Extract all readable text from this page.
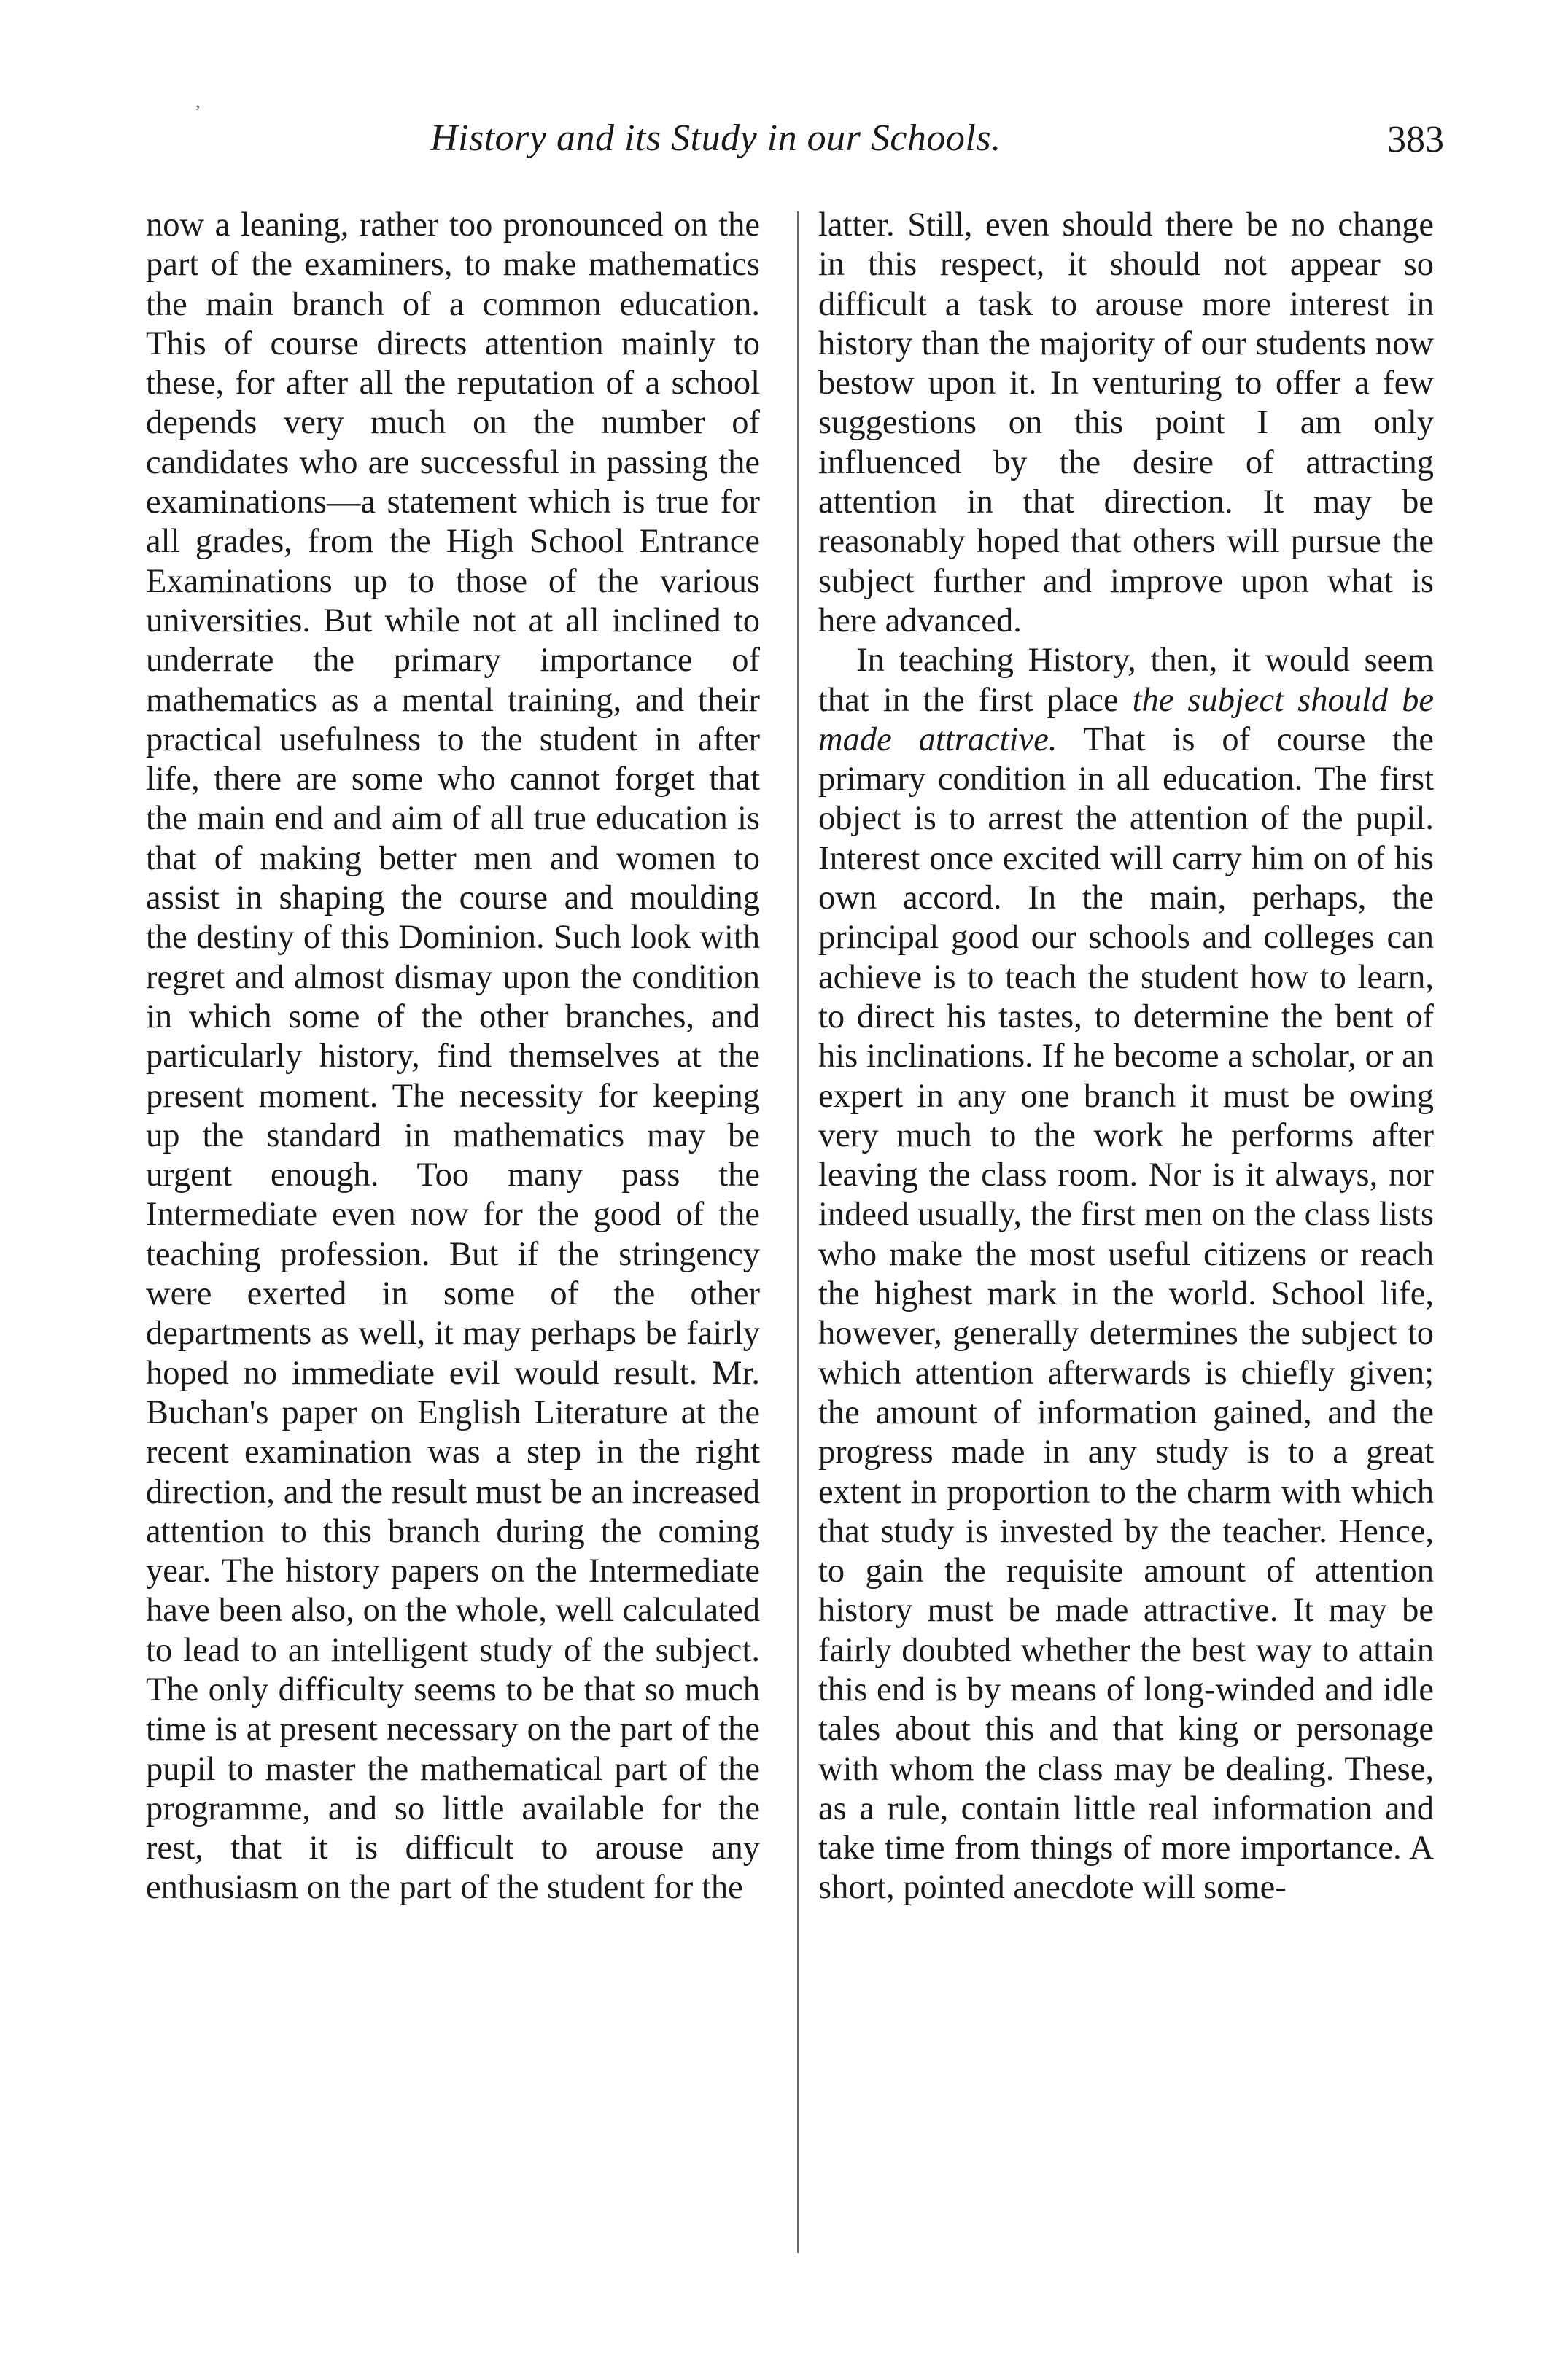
,
History and its Study in our Schools.	383

now a leaning, rather too pronounced on the part of the examiners, to make mathematics the main branch of a common education. This of course directs attention mainly to these, for after all the reputation of a school depends very much on the number of candidates who are successful in passing the examinations—a statement which is true for all grades, from the High School Entrance Examinations up to those of the various universities. But while not at all inclined to underrate the primary importance of mathematics as a mental training, and their practical usefulness to the student in after life, there are some who cannot forget that the main end and aim of all true education is that of making better men and women to assist in shaping the course and moulding the destiny of this Dominion. Such look with regret and almost dismay upon the condition in which some of the other branches, and particularly history, find themselves at the present moment. The necessity for keeping up the standard in mathematics may be urgent enough. Too many pass the Intermediate even now for the good of the teaching profession. But if the stringency were exerted in some of the other departments as well, it may perhaps be fairly hoped no immediate evil would result. Mr. Buchan's paper on English Literature at the recent examination was a step in the right direction, and the result must be an increased attention to this branch during the coming year. The history papers on the Intermediate have been also, on the whole, well calculated to lead to an intelligent study of the subject. The only difficulty seems to be that so much time is at present necessary on the part of the pupil to master the mathematical part of the programme, and so little available for the rest, that it is difficult to arouse any enthusiasm on the part of the student for the

latter. Still, even should there be no change in this respect, it should not appear so difficult a task to arouse more interest in history than the majority of our students now bestow upon it. In venturing to offer a few suggestions on this point I am only influenced by the desire of attracting attention in that direction. It may be reasonably hoped that others will pursue the subject further and improve upon what is here advanced.

In teaching History, then, it would seem that in the first place the subject should be made attractive. That is of course the primary condition in all education. The first object is to arrest the attention of the pupil. Interest once excited will carry him on of his own accord. In the main, perhaps, the principal good our schools and colleges can achieve is to teach the student how to learn, to direct his tastes, to determine the bent of his inclinations. If he become a scholar, or an expert in any one branch it must be owing very much to the work he performs after leaving the class room. Nor is it always, nor indeed usually, the first men on the class lists who make the most useful citizens or reach the highest mark in the world. School life, however, generally determines the subject to which attention afterwards is chiefly given; the amount of information gained, and the progress made in any study is to a great extent in proportion to the charm with which that study is invested by the teacher. Hence, to gain the requisite amount of attention history must be made attractive. It may be fairly doubted whether the best way to attain this end is by means of long-winded and idle tales about this and that king or personage with whom the class may be dealing. These, as a rule, contain little real information and take time from things of more importance. A short, pointed anecdote will some-
